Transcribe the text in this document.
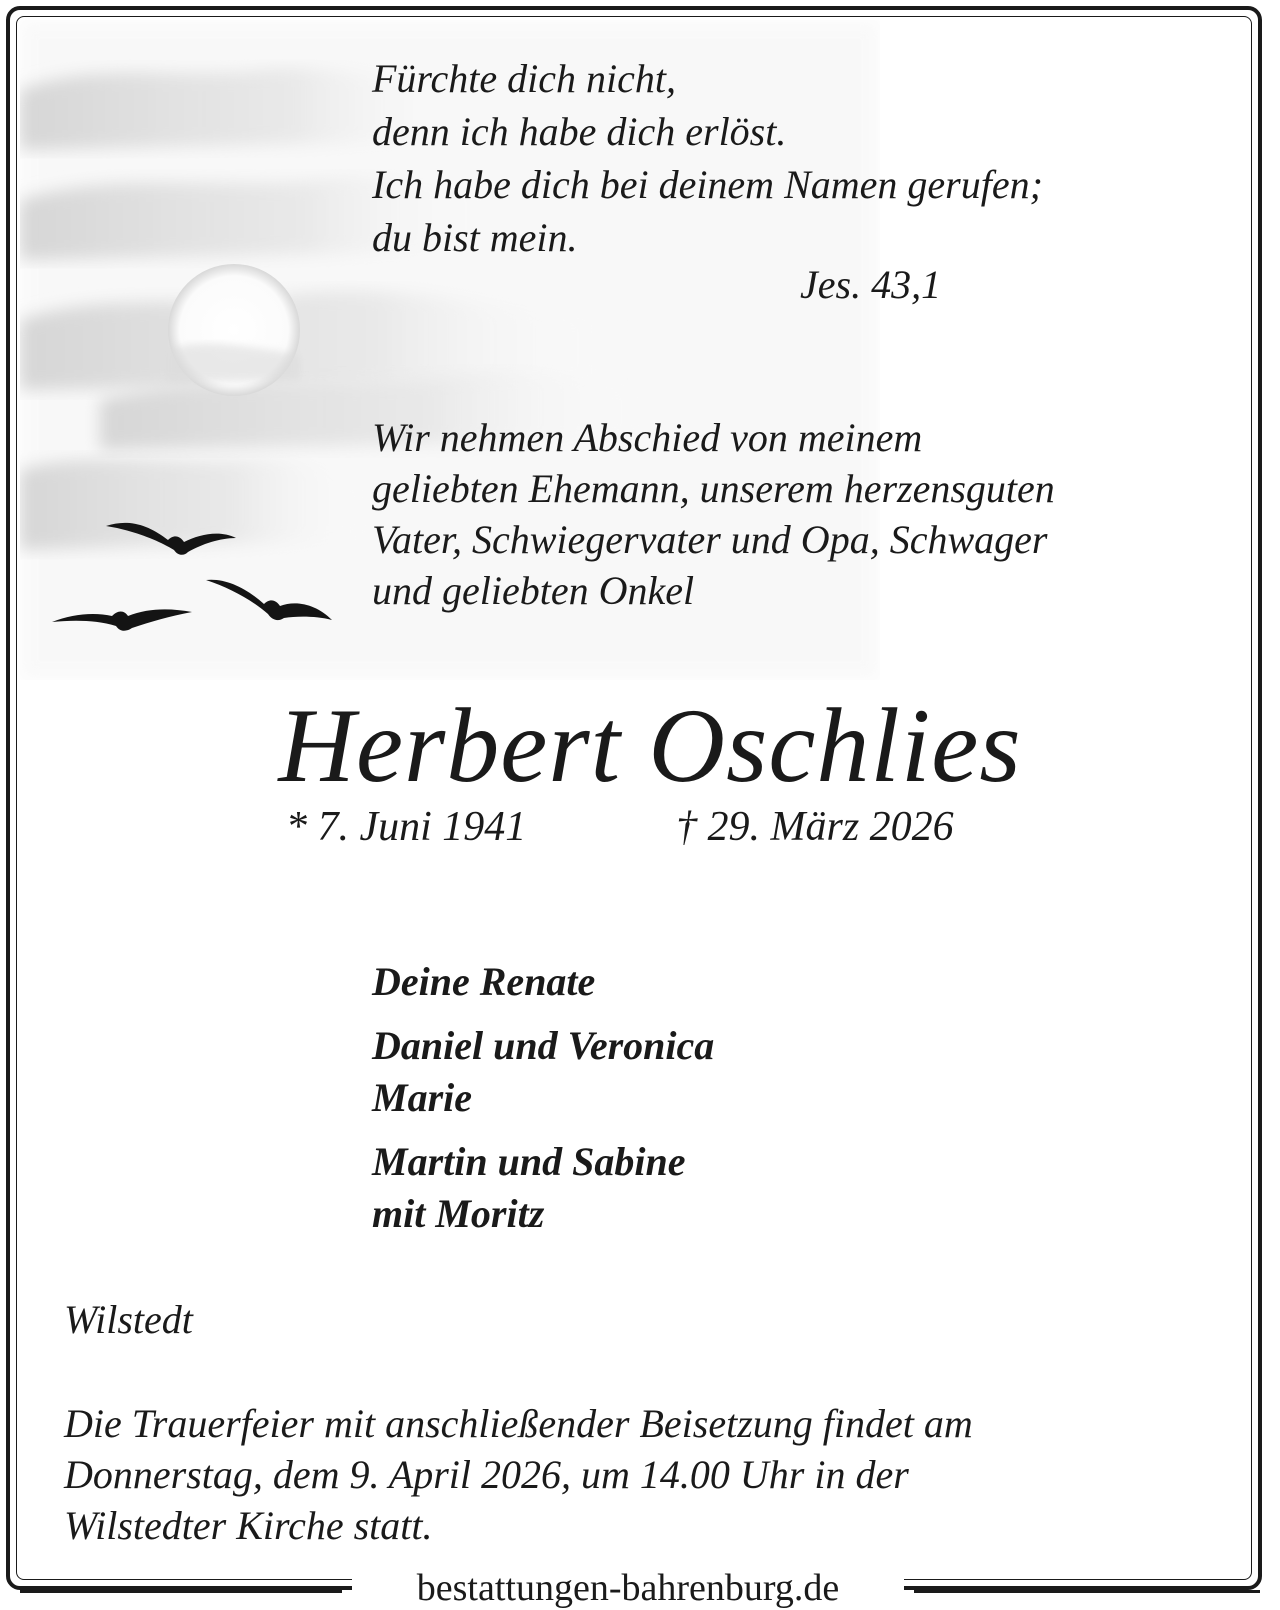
Fürchte dich nicht,
denn ich habe dich erlöst.
Ich habe dich bei deinem Namen gerufen;
du bist mein.
Jes. 43,1
Wir nehmen Abschied von meinem
geliebten Ehemann, unserem herzensguten
Vater, Schwiegervater und Opa, Schwager
und geliebten Onkel
Herbert Oschlies
* 7. Juni 1941	† 29. März 2026
Deine Renate
Daniel und Veronica
Marie
Martin und Sabine
mit Moritz
Wilstedt
Die Trauerfeier mit anschließender Beisetzung findet am
Donnerstag, dem 9. April 2026, um 14.00 Uhr in der
Wilstedter Kirche statt.
bestattungen-bahrenburg.de
